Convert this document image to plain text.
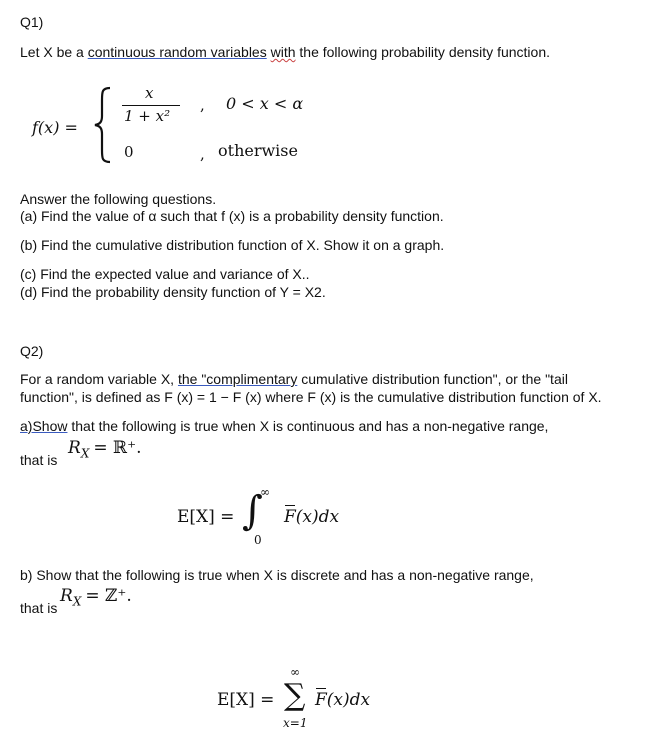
Q1)
Let X be a continuous random variables with the following probability density function.
f(x) =
x
1 + x²
, 0 < x < α
0	, otherwise
Answer the following questions.
(a) Find the value of α such that f (x) is a probability density function.
(b) Find the cumulative distribution function of X. Show it on a graph.
(c) Find the expected value and variance of X..
(d) Find the probability density function of Y = X2.
Q2)
For a random variable X, the "complimentary cumulative distribution function", or the "tail
function", is defined as F (x) = 1 − F (x) where F (x) is the cumulative distribution function of X.
a)Show that the following is true when X is continuous and has a non-negative range,
that is
$R_X$ = ℝ⁺.
E[X] = ∫
∞
0
F(x)dx
b) Show that the following is true when X is discrete and has a non-negative range,
that is
$R_X$ = ℤ⁺.
E[X] =
∞
∑
x=1
F(x)dx
